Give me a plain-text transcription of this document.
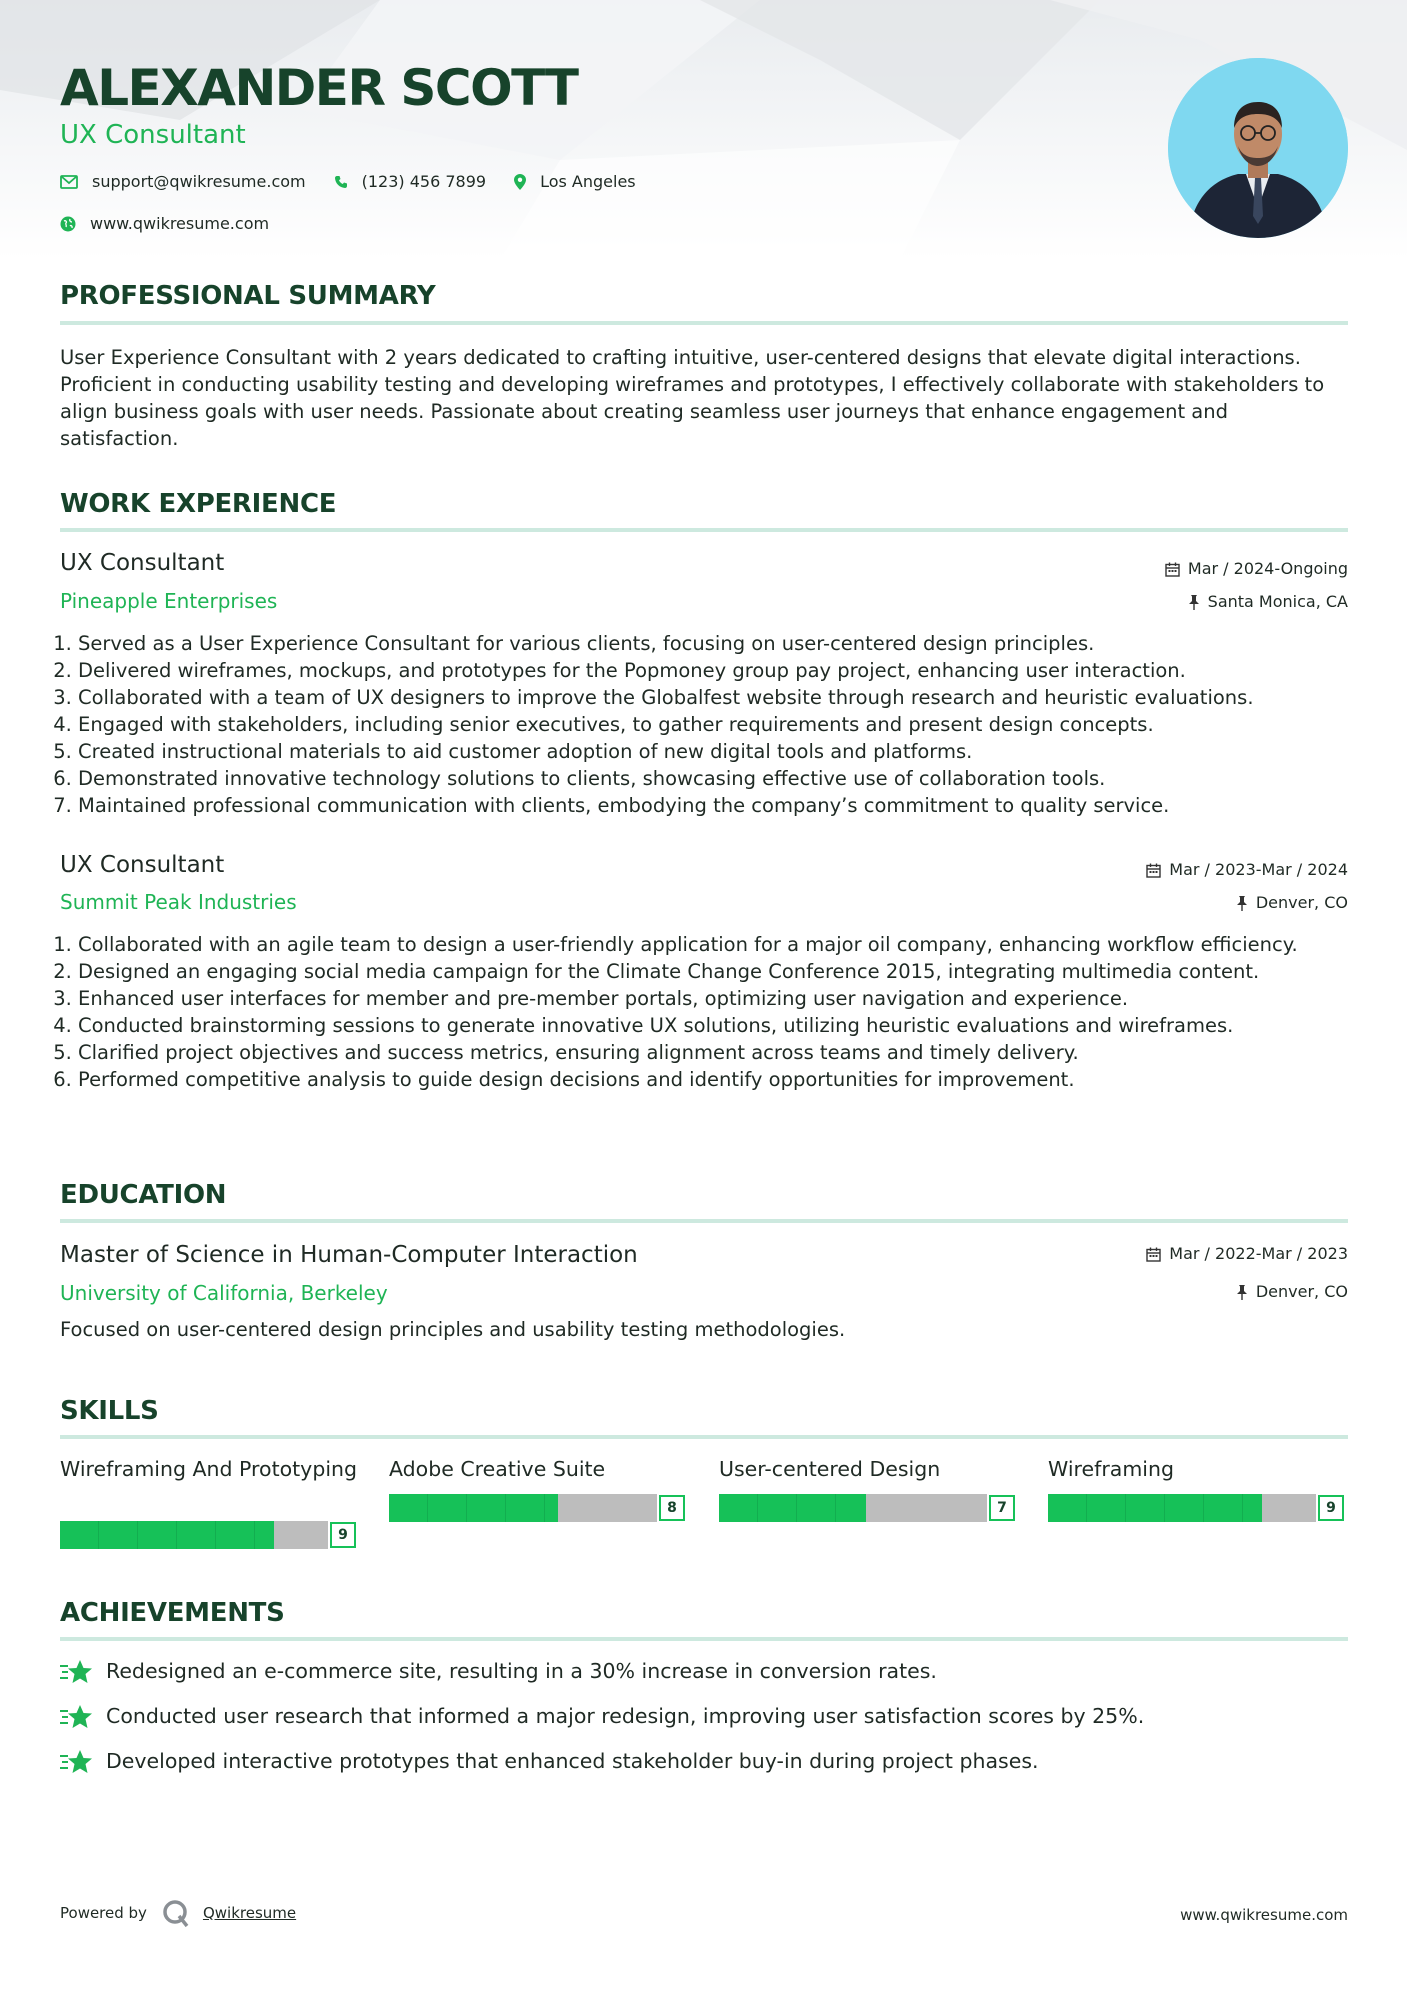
ALEXANDER SCOTT
UX Consultant
support@qwikresume.com	(123) 456 7899	Los Angeles
www.qwikresume.com
PROFESSIONAL SUMMARY

User Experience Consultant with 2 years dedicated to crafting intuitive, user-centered designs that elevate digital interactions. Proficient in conducting usability testing and developing wireframes and prototypes, I effectively collaborate with stakeholders to align business goals with user needs. Passionate about creating seamless user journeys that enhance engagement and satisfaction.

WORK EXPERIENCE
UX Consultant
Pineapple Enterprises
Mar / 2024-Ongoing
Santa Monica, CA
1. Served as a User Experience Consultant for various clients, focusing on user-centered design principles.
2. Delivered wireframes, mockups, and prototypes for the Popmoney group pay project, enhancing user interaction.
3. Collaborated with a team of UX designers to improve the Globalfest website through research and heuristic evaluations.
4. Engaged with stakeholders, including senior executives, to gather requirements and present design concepts.
5. Created instructional materials to aid customer adoption of new digital tools and platforms.
6. Demonstrated innovative technology solutions to clients, showcasing effective use of collaboration tools.
7. Maintained professional communication with clients, embodying the company’s commitment to quality service.
UX Consultant
Summit Peak Industries
Mar / 2023-Mar / 2024
Denver, CO
1. Collaborated with an agile team to design a user-friendly application for a major oil company, enhancing workflow efficiency.
2. Designed an engaging social media campaign for the Climate Change Conference 2015, integrating multimedia content.
3. Enhanced user interfaces for member and pre-member portals, optimizing user navigation and experience.
4. Conducted brainstorming sessions to generate innovative UX solutions, utilizing heuristic evaluations and wireframes.
5. Clarified project objectives and success metrics, ensuring alignment across teams and timely delivery.
6. Performed competitive analysis to guide design decisions and identify opportunities for improvement.
EDUCATION
Master of Science in Human-Computer Interaction
University of California, Berkeley
Mar / 2022-Mar / 2023
Denver, CO

Focused on user-centered design principles and usability testing methodologies.

SKILLS
Wireframing And Prototyping
9
Adobe Creative Suite
8
User-centered Design
7
Wireframing
9
ACHIEVEMENTS
Redesigned an e-commerce site, resulting in a 30% increase in conversion rates.
Conducted user research that informed a major redesign, improving user satisfaction scores by 25%.
Developed interactive prototypes that enhanced stakeholder buy-in during project phases.
Powered by	Qwikresume	www.qwikresume.com
